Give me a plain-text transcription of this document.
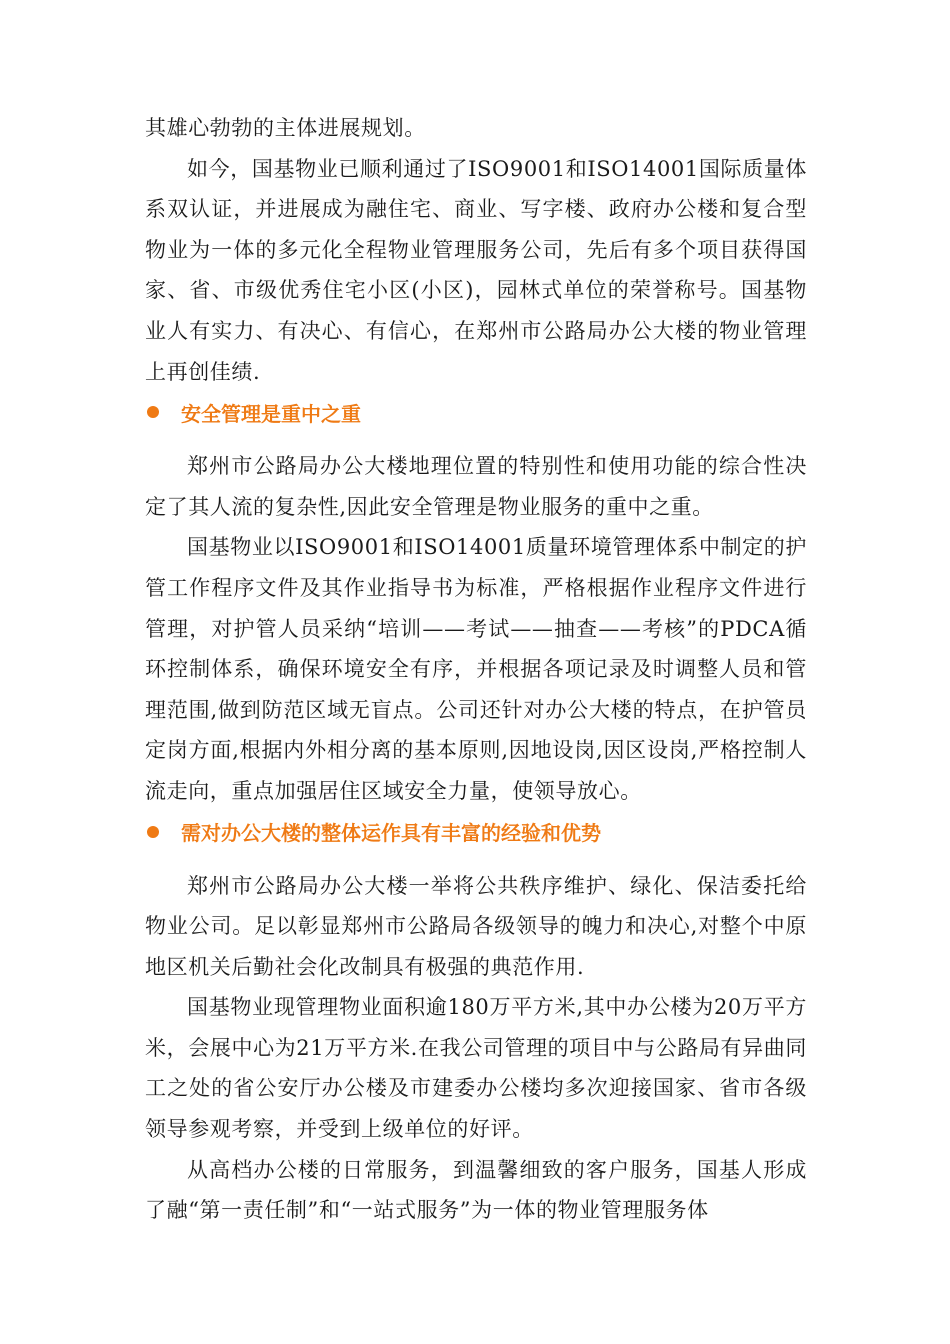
其雄心勃勃的主体进展规划。

如今，国基物业已顺利通过了ISO9001和ISO14001国际质量体系双认证，并进展成为融住宅、商业、写字楼、政府办公楼和复合型物业为一体的多元化全程物业管理服务公司，先后有多个项目获得国家、省、市级优秀住宅小区(小区)，园林式单位的荣誉称号。国基物业人有实力、有决心、有信心，在郑州市公路局办公大楼的物业管理上再创佳绩.

安全管理是重中之重

郑州市公路局办公大楼地理位置的特别性和使用功能的综合性决定了其人流的复杂性,因此安全管理是物业服务的重中之重。

国基物业以ISO9001和ISO14001质量环境管理体系中制定的护管工作程序文件及其作业指导书为标准，严格根据作业程序文件进行管理，对护管人员采纳“培训——考试——抽查——考核”的PDCA循环控制体系，确保环境安全有序，并根据各项记录及时调整人员和管理范围,做到防范区域无盲点。公司还针对办公大楼的特点，在护管员定岗方面,根据内外相分离的基本原则,因地设岗,因区设岗,严格控制人流走向，重点加强居住区域安全力量，使领导放心。

需对办公大楼的整体运作具有丰富的经验和优势

郑州市公路局办公大楼一举将公共秩序维护、绿化、保洁委托给物业公司。足以彰显郑州市公路局各级领导的魄力和决心,对整个中原地区机关后勤社会化改制具有极强的典范作用.

国基物业现管理物业面积逾180万平方米,其中办公楼为20万平方米，会展中心为21万平方米.在我公司管理的项目中与公路局有异曲同工之处的省公安厅办公楼及市建委办公楼均多次迎接国家、省市各级领导参观考察，并受到上级单位的好评。

从高档办公楼的日常服务，到温馨细致的客户服务，国基人形成了融“第一责任制”和“一站式服务”为一体的物业管理服务体
